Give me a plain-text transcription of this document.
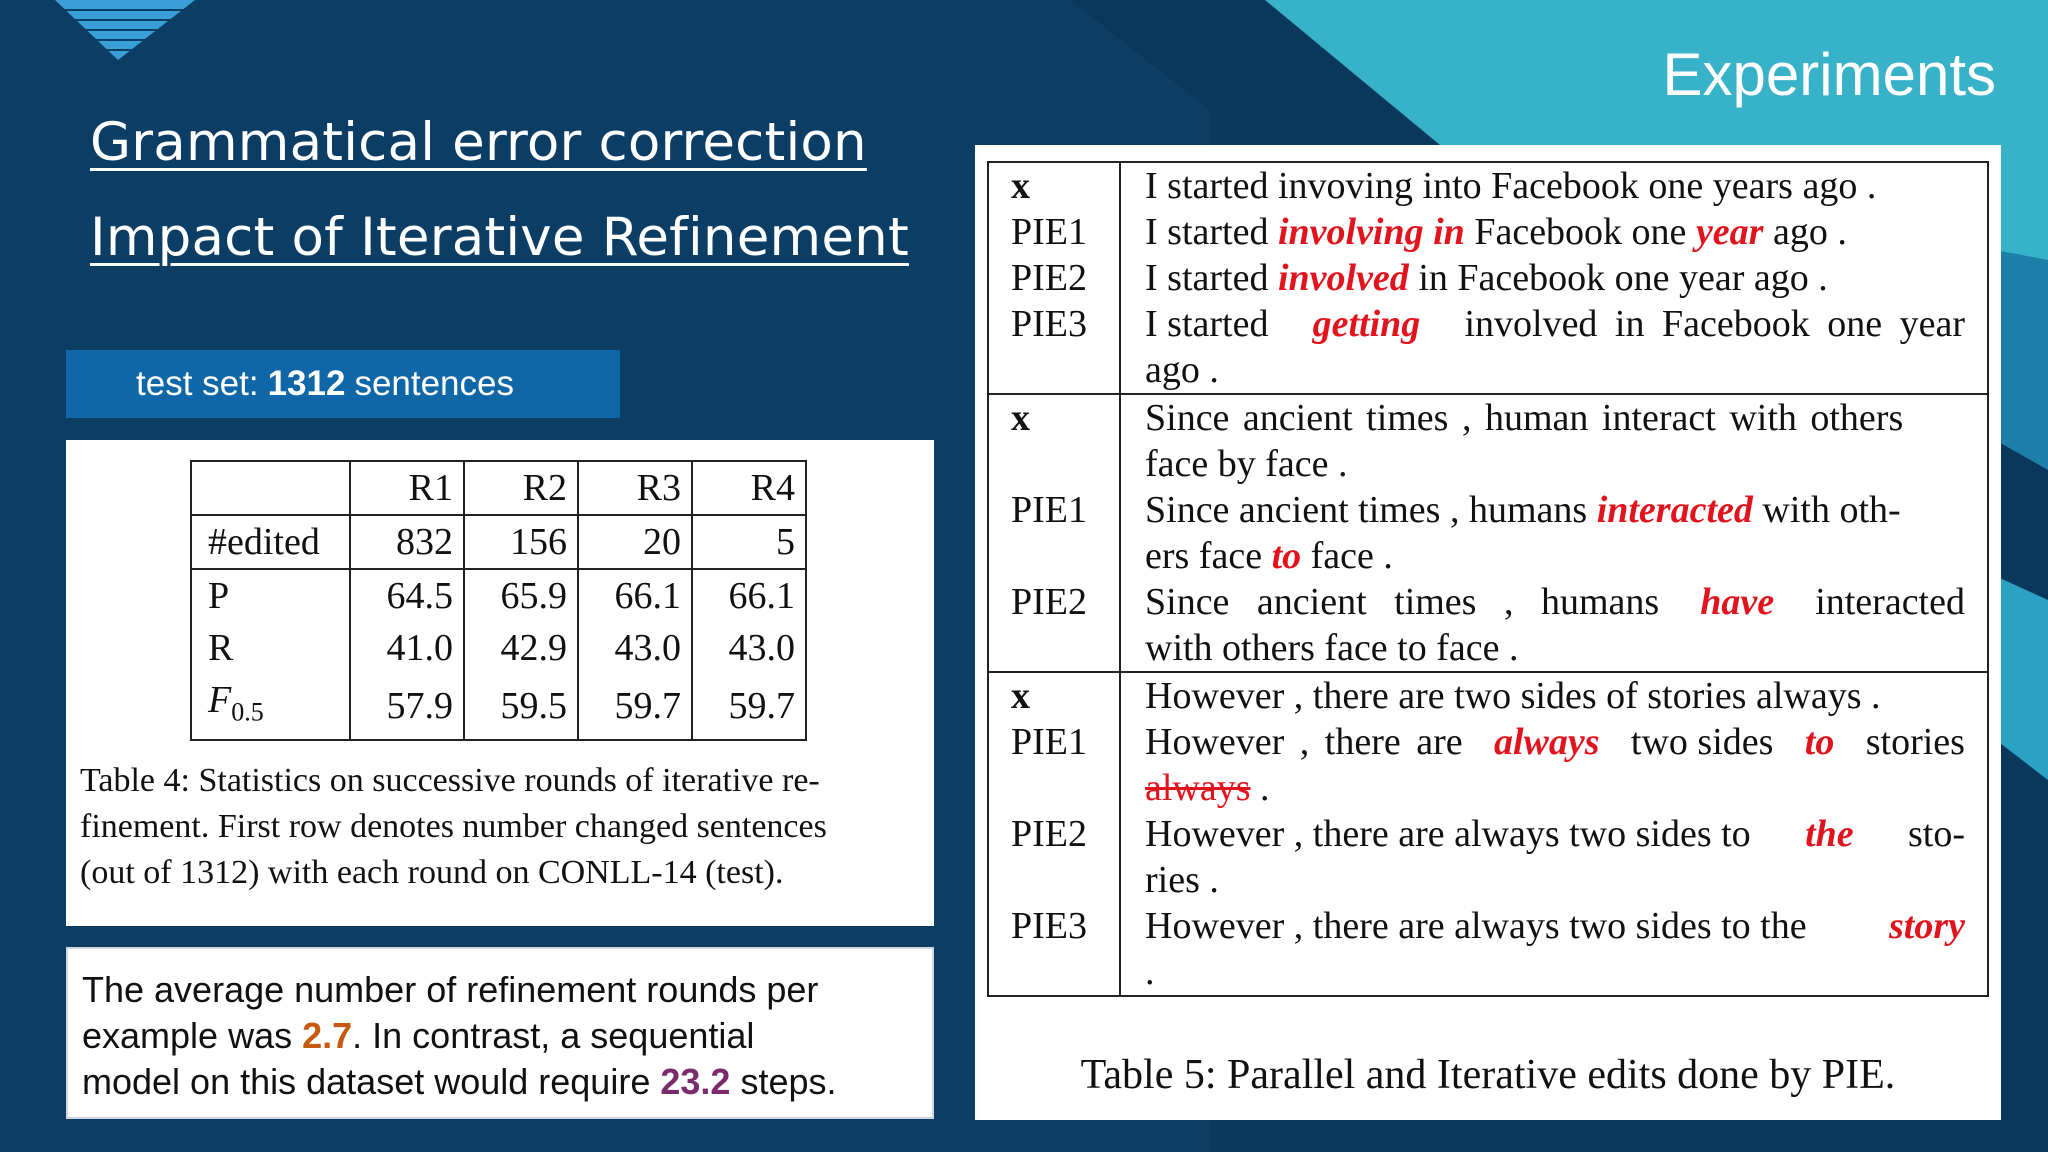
Experiments
Grammatical error correction
Impact of Iterative Refinement
test set: 1312 sentences
	R1	R2	R3	R4
#edited	832	156	20	5
P	64.5	65.9	66.1	66.1
R	41.0	42.9	43.0	43.0
$F_{0.5}$	57.9	59.5	59.7	59.7
Table 4: Statistics on successive rounds of iterative re-
finement. First row denotes number changed sentences
(out of 1312) with each round on CONLL-14 (test).
The average number of refinement rounds per
example was 2.7. In contrast, a sequential
model on this dataset would require 23.2 steps.
x	I started invoving into Facebook one years ago .
PIE1	I started involving in Facebook one year ago .
PIE2	I started involved in Facebook one year ago .
PIE3	I started getting involved in Facebook one year
ago .
x	Since ancient times , human interact with others
face by face .
PIE1	Since ancient times , humans interacted with oth-
ers face to face .
PIE2	Since ancient times , humans have interacted
with others face to face .
x	However , there are two sides of stories always .
PIE1	However , there are always two sides to stories
always .
PIE2	However , there are always two sides to the sto-
ries .
PIE3	However , there are always two sides to the story
.
Table 5: Parallel and Iterative edits done by PIE.
